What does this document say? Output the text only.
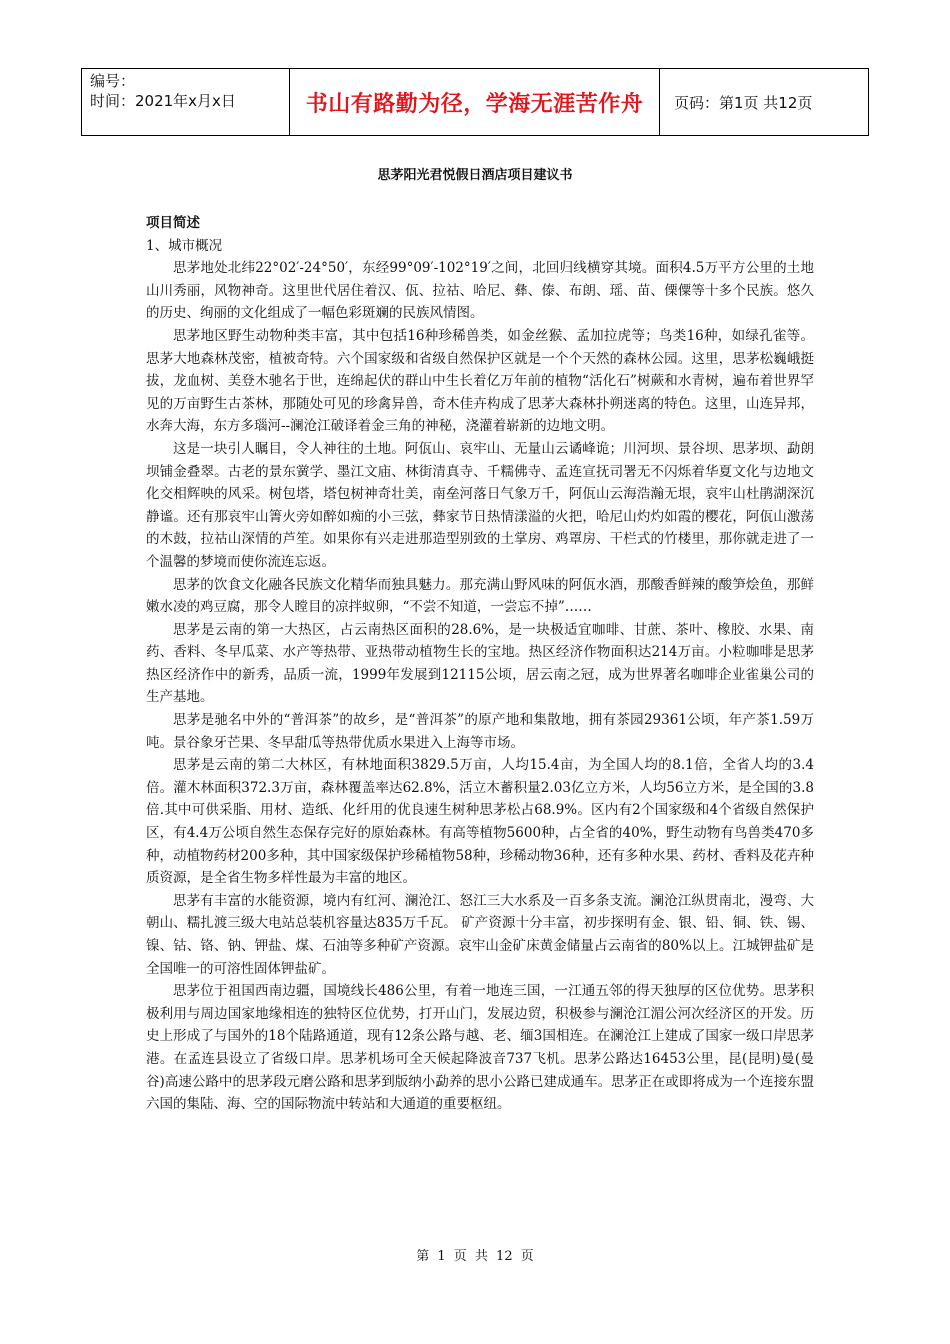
编号：
时间：2021年x月x日	书山有路勤为径，学海无涯苦作舟	页码：第1页 共12页
思茅阳光君悦假日酒店项目建议书

项目简述

1、城市概况

思茅地处北纬22°02′-24°50′，东经99°09′-102°19′之间，北回归线横穿其境。面积4.5万平方公里的土地山川秀丽，风物神奇。这里世代居住着汉、佤、拉祜、哈尼、彝、傣、布朗、瑶、苗、傈僳等十多个民族。悠久的历史、绚丽的文化组成了一幅色彩斑斓的民族风情图。

思茅地区野生动物种类丰富，其中包括16种珍稀兽类，如金丝猴、孟加拉虎等；鸟类16种，如绿孔雀等。思茅大地森林茂密，植被奇特。六个国家级和省级自然保护区就是一个个天然的森林公园。这里，思茅松巍峨挺拔，龙血树、美登木驰名于世，连绵起伏的群山中生长着亿万年前的植物“活化石”树蕨和水青树，遍布着世界罕见的万亩野生古茶林，那随处可见的珍禽异兽，奇木佳卉构成了思茅大森林扑朔迷离的特色。这里，山连异邦，水奔大海，东方多瑙河--澜沧江破译着金三角的神秘，浇灌着崭新的边地文明。

这是一块引人瞩目，令人神往的土地。阿佤山、哀牢山、无量山云谲峰诡；川河坝、景谷坝、思茅坝、勐朗坝铺金叠翠。古老的景东黉学、墨江文庙、林街清真寺、千糯佛寺、孟连宣抚司署无不闪烁着华夏文化与边地文化交相辉映的风采。树包塔，塔包树神奇壮美，南垒河落日气象万千，阿佤山云海浩瀚无垠，哀牢山杜鹃湖深沉静谧。还有那哀牢山箐火旁如醉如痴的小三弦，彝家节日热情漾溢的火把，哈尼山灼灼如霞的樱花，阿佤山激荡的木鼓，拉祜山深情的芦笙。如果你有兴走进那造型别致的土掌房、鸡罩房、干栏式的竹楼里，那你就走进了一个温馨的梦境而使你流连忘返。

思茅的饮食文化融各民族文化精华而独具魅力。那充满山野风味的阿佤水酒，那酸香鲜辣的酸笋烩鱼，那鲜嫩水凌的鸡豆腐，那令人瞠目的凉拌蚁卵，“不尝不知道，一尝忘不掉”……

思茅是云南的第一大热区，占云南热区面积的28.6%，是一块极适宜咖啡、甘蔗、茶叶、橡胶、水果、南药、香料、冬早瓜菜、水产等热带、亚热带动植物生长的宝地。热区经济作物面积达214万亩。小粒咖啡是思茅热区经济作中的新秀，品质一流，1999年发展到12115公顷，居云南之冠，成为世界著名咖啡企业雀巢公司的生产基地。

思茅是驰名中外的“普洱茶”的故乡，是“普洱茶”的原产地和集散地，拥有茶园29361公顷，年产茶1.59万吨。景谷象牙芒果、冬早甜瓜等热带优质水果进入上海等市场。

思茅是云南的第二大林区，有林地面积3829.5万亩，人均15.4亩，为全国人均的8.1倍，全省人均的3.4倍。灌木林面积372.3万亩，森林覆盖率达62.8%，活立木蓄积量2.03亿立方米，人均56立方米，是全国的3.8倍.其中可供采脂、用材、造纸、化纤用的优良速生树种思茅松占68.9%。区内有2个国家级和4个省级自然保护区，有4.4万公顷自然生态保存完好的原始森林。有高等植物5600种，占全省的40%，野生动物有鸟兽类470多种，动植物药材200多种，其中国家级保护珍稀植物58种，珍稀动物36种，还有多种水果、药材、香料及花卉种质资源，是全省生物多样性最为丰富的地区。

思茅有丰富的水能资源，境内有红河、澜沧江、怒江三大水系及一百多条支流。澜沧江纵贯南北，漫弯、大朝山、糯扎渡三级大电站总装机容量达835万千瓦。 矿产资源十分丰富，初步探明有金、银、铅、铜、铁、锡、镍、钴、铬、钠、钾盐、煤、石油等多种矿产资源。哀牢山金矿床黄金储量占云南省的80%以上。江城钾盐矿是全国唯一的可溶性固体钾盐矿。

思茅位于祖国西南边疆，国境线长486公里，有着一地连三国，一江通五邻的得天独厚的区位优势。思茅积极利用与周边国家地缘相连的独特区位优势，打开山门，发展边贸，积极参与澜沧江湄公河次经济区的开发。历史上形成了与国外的18个陆路通道，现有12条公路与越、老、缅3国相连。在澜沧江上建成了国家一级口岸思茅港。在孟连县设立了省级口岸。思茅机场可全天候起降波音737飞机。思茅公路达16453公里，昆(昆明)曼(曼谷)高速公路中的思茅段元磨公路和思茅到版纳小勐养的思小公路已建成通车。思茅正在或即将成为一个连接东盟六国的集陆、海、空的国际物流中转站和大通道的重要枢纽。

第 1 页 共 12 页
